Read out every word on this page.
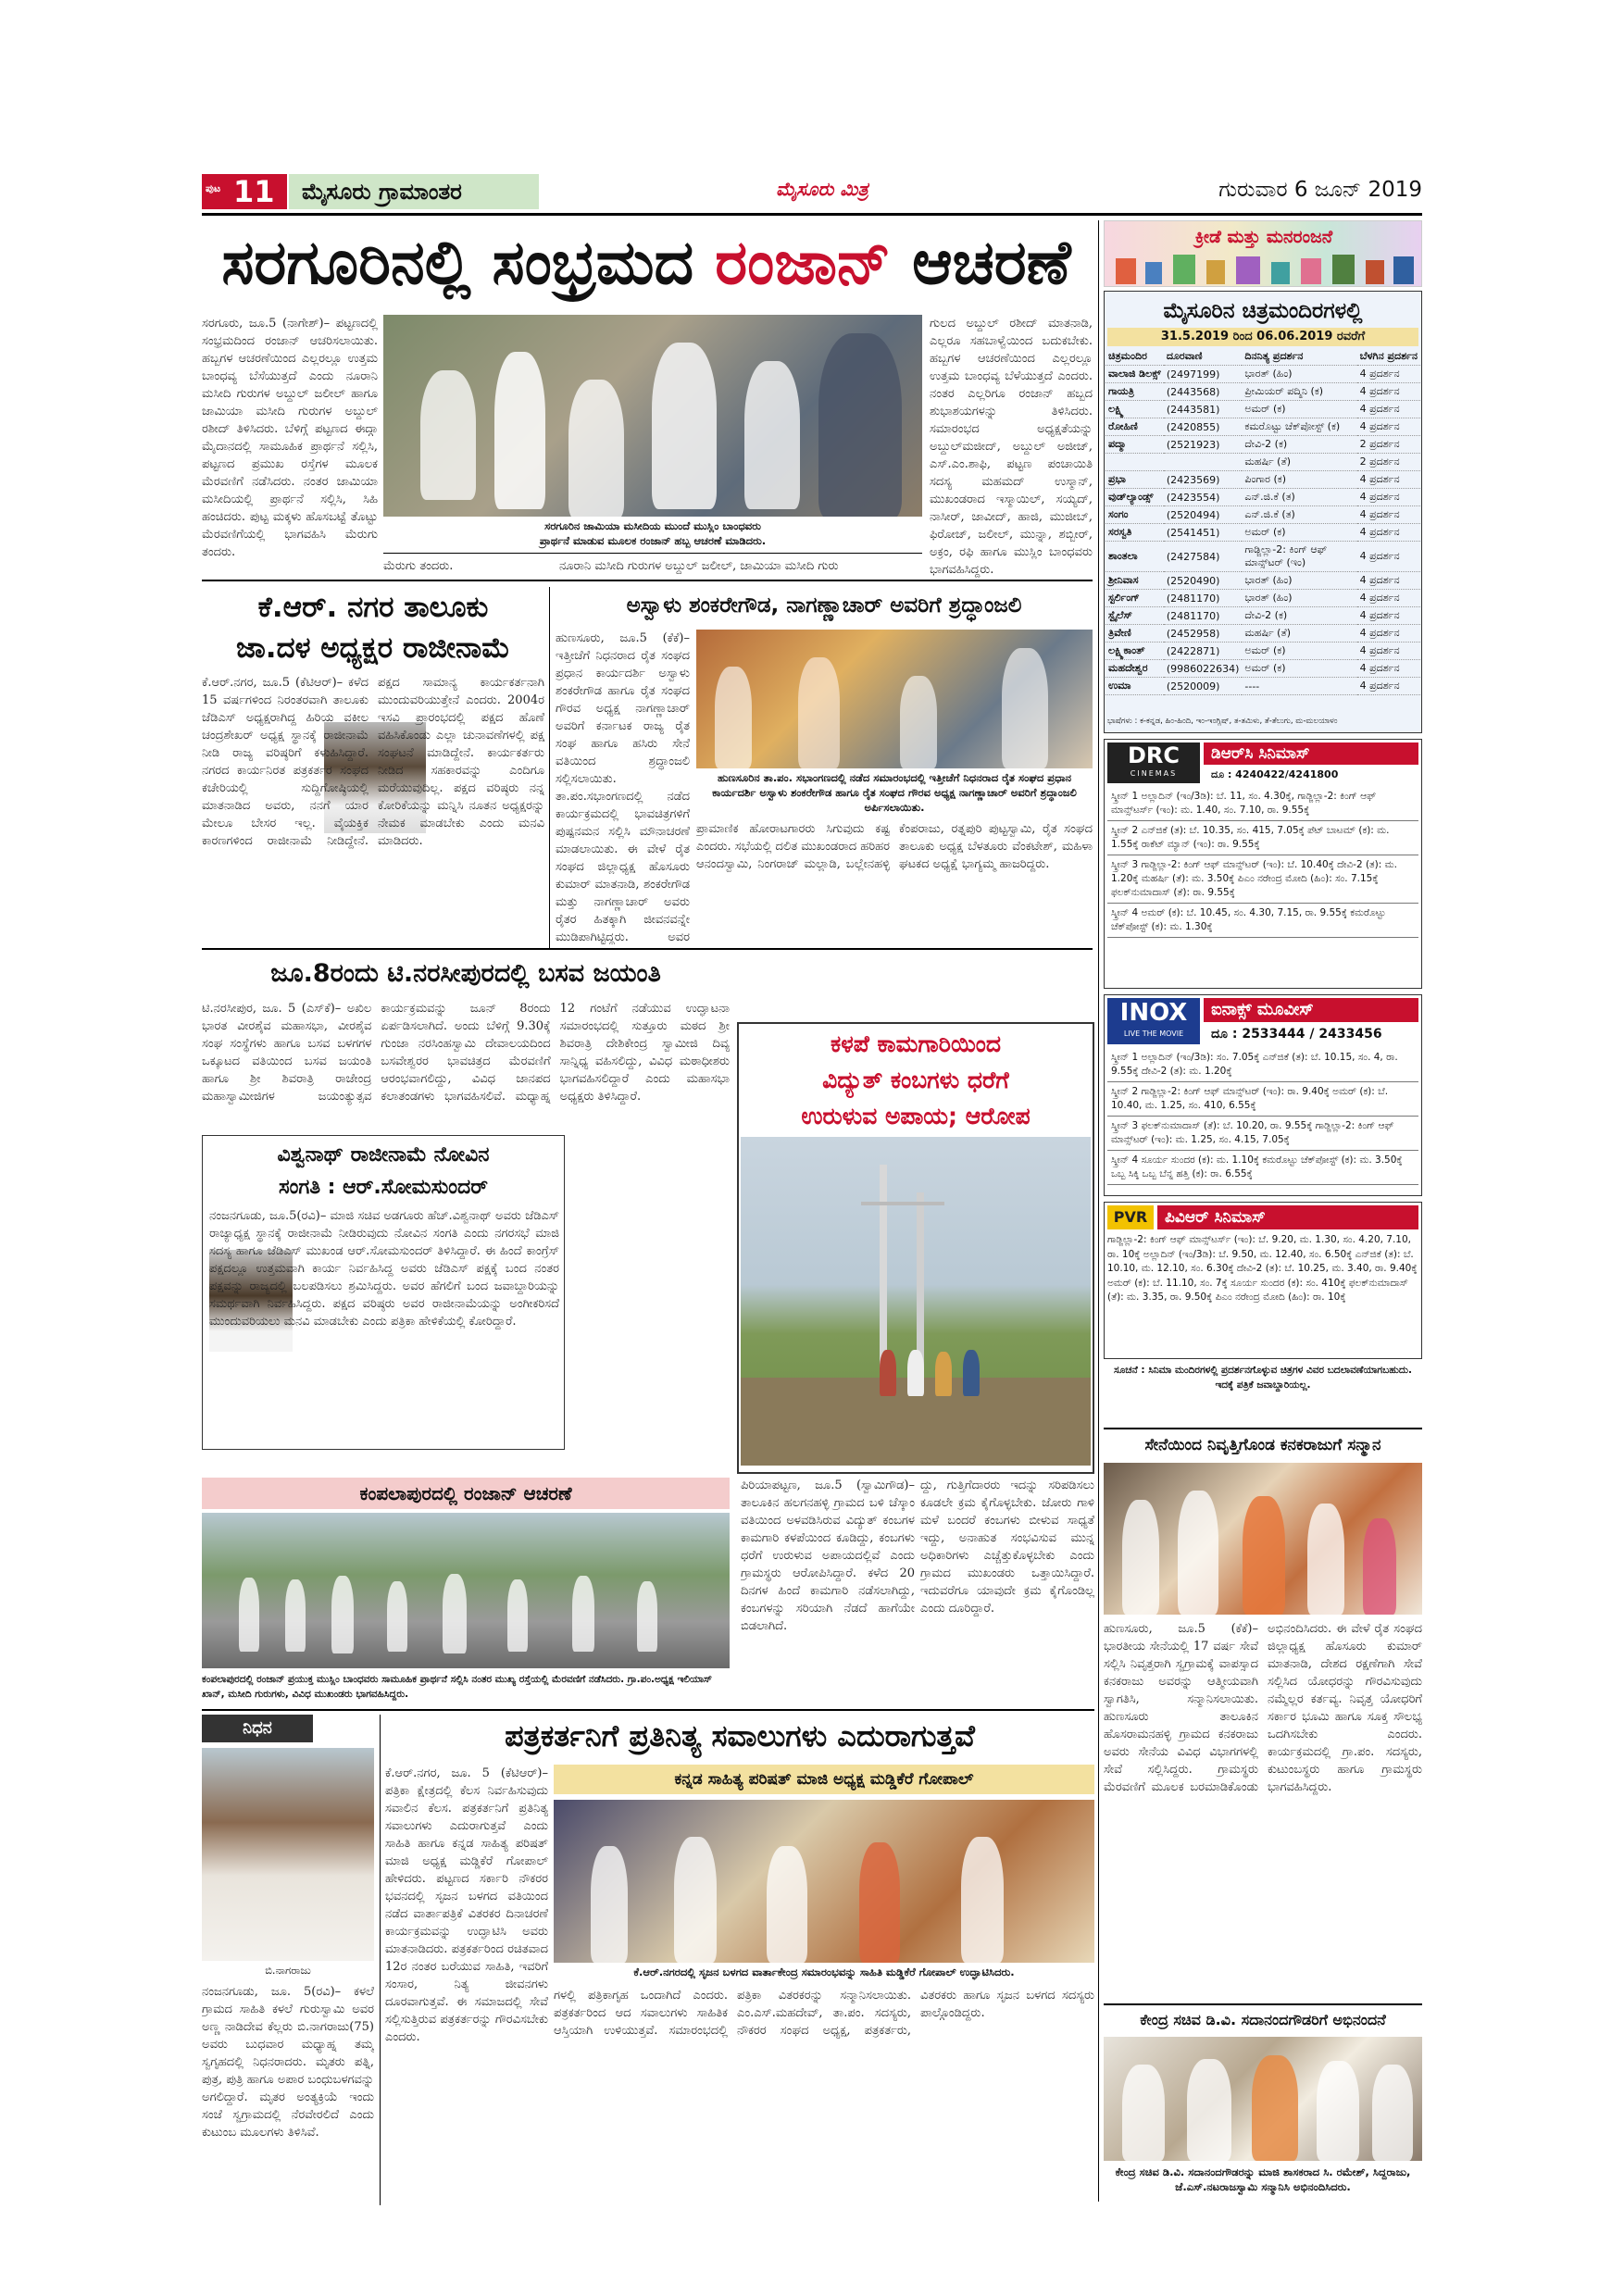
ಪುಟ 11	ಮೈಸೂರು ಗ್ರಾಮಾಂತರ	ಮೈಸೂರು ಮಿತ್ರ	ಗುರುವಾರ 6 ಜೂನ್ 2019
ಸರಗೂರಿನಲ್ಲಿ ಸಂಭ್ರಮದ ರಂಜಾನ್ ಆಚರಣೆ
ಸರಗೂರು, ಜೂ.5 (ನಾಗೇಶ್)– ಪಟ್ಟಣದಲ್ಲಿ ಸಂಭ್ರಮದಿಂದ ರಂಜಾನ್ ಆಚರಿಸಲಾಯಿತು. ಹಬ್ಬಗಳ ಆಚರಣೆಯಿಂದ ಎಲ್ಲರಲ್ಲೂ ಉತ್ತಮ ಬಾಂಧವ್ಯ ಬೆಸೆಯುತ್ತದೆ ಎಂದು ನೂರಾನಿ ಮಸೀದಿ ಗುರುಗಳ ಅಬ್ದುಲ್ ಜಲೀಲ್ ಹಾಗೂ ಜಾಮಿಯಾ ಮಸೀದಿ ಗುರುಗಳ ಅಬ್ದುಲ್ ರಶೀದ್ ತಿಳಿಸಿದರು. ಬೆಳಿಗ್ಗೆ ಪಟ್ಟಣದ ಈದ್ಗಾ ಮೈದಾನದಲ್ಲಿ ಸಾಮೂಹಿಕ ಪ್ರಾರ್ಥನೆ ಸಲ್ಲಿಸಿ, ಪಟ್ಟಣದ ಪ್ರಮುಖ ರಸ್ತೆಗಳ ಮೂಲಕ ಮೆರವಣಿಗೆ ನಡೆಸಿದರು. ನಂತರ ಜಾಮಿಯಾ ಮಸೀದಿಯಲ್ಲಿ ಪ್ರಾರ್ಥನೆ ಸಲ್ಲಿಸಿ, ಸಿಹಿ ಹಂಚಿದರು. ಪುಟ್ಟ ಮಕ್ಕಳು ಹೊಸಬಟ್ಟೆ ತೊಟ್ಟು ಮೆರವಣಿಗೆಯಲ್ಲಿ ಭಾಗವಹಿಸಿ ಮೆರುಗು ತಂದರು.
ಸರಗೂರಿನ ಜಾಮಿಯಾ ಮಸೀದಿಯ ಮುಂದೆ ಮುಸ್ಲಿಂ ಬಾಂಧವರು
ಪ್ರಾರ್ಥನೆ ಮಾಡುವ ಮೂಲಕ ರಂಜಾನ್ ಹಬ್ಬ ಆಚರಣೆ ಮಾಡಿದರು.
ಮೆರುಗು ತಂದರು.	ನೂರಾನಿ ಮಸೀದಿ ಗುರುಗಳ ಅಬ್ದುಲ್ ಜಲೀಲ್, ಜಾಮಿಯಾ ಮಸೀದಿ ಗುರು
ಗುಲದ ಅಬ್ದುಲ್ ರಶೀದ್ ಮಾತನಾಡಿ, ಎಲ್ಲರೂ ಸಹಬಾಳ್ವೆಯಿಂದ ಬದುಕಬೇಕು. ಹಬ್ಬಗಳ ಆಚರಣೆಯಿಂದ ಎಲ್ಲರಲ್ಲೂ ಉತ್ತಮ ಬಾಂಧವ್ಯ ಬೆಳೆಯುತ್ತದೆ ಎಂದರು. ನಂತರ ಎಲ್ಲರಿಗೂ ರಂಜಾನ್ ಹಬ್ಬದ ಶುಭಾಶಯಗಳನ್ನು ತಿಳಿಸಿದರು. ಸಮಾರಂಭದ ಅಧ್ಯಕ್ಷತೆಯನ್ನು ಅಬ್ದುಲ್‌ಮಜೀದ್, ಅಬ್ದುಲ್ ಅಜೀಜ್, ಎಸ್.ಎಂ.ಶಾಫಿ, ಪಟ್ಟಣ ಪಂಚಾಯಿತಿ ಸದಸ್ಯ ಮಹಮದ್ ಉಸ್ಮಾನ್, ಮುಖಂಡರಾದ ಇಸ್ಮಾಯಿಲ್, ಸಯ್ಯದ್, ನಾಸೀರ್, ಜಾವೀದ್, ಹಾಜಿ, ಮುಜೀಬ್, ಫಿರೋಜ್, ಜಲೀಲ್, ಮುನ್ನಾ, ಶಬ್ಬೀರ್, ಅಕ್ರಂ, ರಫಿ ಹಾಗೂ ಮುಸ್ಲಿಂ ಬಾಂಧವರು ಭಾಗವಹಿಸಿದ್ದರು.
ಕೆ.ಆರ್. ನಗರ ತಾಲೂಕು
ಜಾ.ದಳ ಅಧ್ಯಕ್ಷರ ರಾಜೀನಾಮೆ
ಕೆ.ಆರ್.ನಗರ, ಜೂ.5 (ಕೆಟಿಆರ್)– ಕಳೆದ 15 ವರ್ಷಗಳಿಂದ ನಿರಂತರವಾಗಿ ತಾಲೂಕು ಜೆಡಿಎಸ್ ಅಧ್ಯಕ್ಷರಾಗಿದ್ದ ಹಿರಿಯ ವಕೀಲ ಚಂದ್ರಶೇಖರ್ ಅಧ್ಯಕ್ಷ ಸ್ಥಾನಕ್ಕೆ ರಾಜೀನಾಮೆ ನೀಡಿ ರಾಜ್ಯ ವರಿಷ್ಠರಿಗೆ ಕಳುಹಿಸಿದ್ದಾರೆ. ನಗರದ ಕಾರ್ಯನಿರತ ಪತ್ರಕರ್ತರ ಸಂಘದ ಕಚೇರಿಯಲ್ಲಿ ಸುದ್ದಿಗೋಷ್ಠಿಯಲ್ಲಿ ಮಾತನಾಡಿದ ಅವರು, ನನಗೆ ಯಾರ ಮೇಲೂ ಬೇಸರ ಇಲ್ಲ. ವೈಯಕ್ತಿಕ ಕಾರಣಗಳಿಂದ ರಾಜೀನಾಮೆ ನೀಡಿದ್ದೇನೆ. ಪಕ್ಷದ ಸಾಮಾನ್ಯ ಕಾರ್ಯಕರ್ತನಾಗಿ ಮುಂದುವರಿಯುತ್ತೇನೆ ಎಂದರು. 2004ರ ಇಸವಿ ಪ್ರಾರಂಭದಲ್ಲಿ ಪಕ್ಷದ ಹೊಣೆ ವಹಿಸಿಕೊಂಡು ಎಲ್ಲಾ ಚುನಾವಣೆಗಳಲ್ಲಿ ಪಕ್ಷ ಸಂಘಟನೆ ಮಾಡಿದ್ದೇನೆ. ಕಾರ್ಯಕರ್ತರು ನೀಡಿದ ಸಹಕಾರವನ್ನು ಎಂದಿಗೂ ಮರೆಯುವುದಿಲ್ಲ. ಪಕ್ಷದ ವರಿಷ್ಠರು ನನ್ನ ಕೋರಿಕೆಯನ್ನು ಮನ್ನಿಸಿ ನೂತನ ಅಧ್ಯಕ್ಷರನ್ನು ನೇಮಕ ಮಾಡಬೇಕು ಎಂದು ಮನವಿ ಮಾಡಿದರು.
ಅಸ್ವಾಳು ಶಂಕರೇಗೌಡ, ನಾಗಣ್ಣಾಚಾರ್ ಅವರಿಗೆ ಶ್ರದ್ಧಾಂಜಲಿ
ಹುಣಸೂರು, ಜೂ.5 (ಕೆಕೆ)– ಇತ್ತೀಚೆಗೆ ನಿಧನರಾದ ರೈತ ಸಂಘದ ಪ್ರಧಾನ ಕಾರ್ಯದರ್ಶಿ ಅಸ್ವಾಳು ಶಂಕರೇಗೌಡ ಹಾಗೂ ರೈತ ಸಂಘದ ಗೌರವ ಅಧ್ಯಕ್ಷ ನಾಗಣ್ಣಾಚಾರ್ ಅವರಿಗೆ ಕರ್ನಾಟಕ ರಾಜ್ಯ ರೈತ ಸಂಘ ಹಾಗೂ ಹಸಿರು ಸೇನೆ ವತಿಯಿಂದ ಶ್ರದ್ಧಾಂಜಲಿ ಸಲ್ಲಿಸಲಾಯಿತು. ತಾ.ಪಂ.ಸಭಾಂಗಣದಲ್ಲಿ ನಡೆದ ಕಾರ್ಯಕ್ರಮದಲ್ಲಿ ಭಾವಚಿತ್ರಗಳಿಗೆ ಪುಷ್ಪನಮನ ಸಲ್ಲಿಸಿ ಮೌನಾಚರಣೆ ಮಾಡಲಾಯಿತು. ಈ ವೇಳೆ ರೈತ ಸಂಘದ ಜಿಲ್ಲಾಧ್ಯಕ್ಷ ಹೊಸೂರು ಕುಮಾರ್ ಮಾತನಾಡಿ, ಶಂಕರೇಗೌಡ ಮತ್ತು ನಾಗಣ್ಣಾಚಾರ್ ಅವರು ರೈತರ ಹಿತಕ್ಕಾಗಿ ಜೀವನವನ್ನೇ ಮುಡಿಪಾಗಿಟ್ಟಿದ್ದರು. ಅವರ
ಹುಣಸೂರಿನ ತಾ.ಪಂ. ಸಭಾಂಗಣದಲ್ಲಿ ನಡೆದ ಸಮಾರಂಭದಲ್ಲಿ ಇತ್ತೀಚೆಗೆ ನಿಧನರಾದ ರೈತ ಸಂಘದ ಪ್ರಧಾನ ಕಾರ್ಯದರ್ಶಿ ಅಸ್ವಾಳು ಶಂಕರೇಗೌಡ ಹಾಗೂ ರೈತ ಸಂಘದ ಗೌರವ ಅಧ್ಯಕ್ಷ ನಾಗಣ್ಣಾಚಾರ್ ಅವರಿಗೆ ಶ್ರದ್ಧಾಂಜಲಿ ಅರ್ಪಿಸಲಾಯಿತು.
ಪ್ರಾಮಾಣಿಕ ಹೋರಾಟಗಾರರು ಸಿಗುವುದು ಕಷ್ಟ ಎಂದರು. ಸಭೆಯಲ್ಲಿ ದಲಿತ ಮುಖಂಡರಾದ ಹರಿಹರ ಆನಂದಸ್ವಾಮಿ, ನಿಂಗರಾಜ್ ಮಲ್ಲಾಡಿ, ಬಲ್ಲೇನಹಳ್ಳಿ ಕೆಂಪರಾಜು, ರತ್ನಪುರಿ ಪುಟ್ಟಸ್ವಾಮಿ, ರೈತ ಸಂಘದ ತಾಲೂಕು ಅಧ್ಯಕ್ಷ ಬೆಳತೂರು ವೆಂಕಟೇಶ್, ಮಹಿಳಾ ಘಟಕದ ಅಧ್ಯಕ್ಷೆ ಭಾಗ್ಯಮ್ಮ ಹಾಜರಿದ್ದರು.
ಜೂ.8ರಂದು ಟಿ.ನರಸೀಪುರದಲ್ಲಿ ಬಸವ ಜಯಂತಿ
ಟಿ.ನರಸೀಪುರ, ಜೂ. 5 (ಎಸ್‌ಕೆ)– ಅಖಿಲ ಭಾರತ ವೀರಶೈವ ಮಹಾಸಭಾ, ವೀರಶೈವ ಸಂಘ ಸಂಸ್ಥೆಗಳು ಹಾಗೂ ಬಸವ ಬಳಗಗಳ ಒಕ್ಕೂಟದ ವತಿಯಿಂದ ಬಸವ ಜಯಂತಿ ಹಾಗೂ ಶ್ರೀ ಶಿವರಾತ್ರಿ ರಾಜೇಂದ್ರ ಮಹಾಸ್ವಾಮೀಜಿಗಳ ಜಯಂತ್ಯುತ್ಸವ ಕಾರ್ಯಕ್ರಮವನ್ನು ಜೂನ್ 8ರಂದು ಏರ್ಪಡಿಸಲಾಗಿದೆ. ಅಂದು ಬೆಳಿಗ್ಗೆ 9.30ಕ್ಕೆ ಗುಂಜಾ ನರಸಿಂಹಸ್ವಾಮಿ ದೇವಾಲಯದಿಂದ ಬಸವೇಶ್ವರರ ಭಾವಚಿತ್ರದ ಮೆರವಣಿಗೆ ಆರಂಭವಾಗಲಿದ್ದು, ವಿವಿಧ ಜಾನಪದ ಕಲಾತಂಡಗಳು ಭಾಗವಹಿಸಲಿವೆ. ಮಧ್ಯಾಹ್ನ 12 ಗಂಟೆಗೆ ನಡೆಯುವ ಉದ್ಘಾಟನಾ ಸಮಾರಂಭದಲ್ಲಿ ಸುತ್ತೂರು ಮಠದ ಶ್ರೀ ಶಿವರಾತ್ರಿ ದೇಶಿಕೇಂದ್ರ ಸ್ವಾಮೀಜಿ ದಿವ್ಯ ಸಾನ್ನಿಧ್ಯ ವಹಿಸಲಿದ್ದು, ವಿವಿಧ ಮಠಾಧೀಶರು ಭಾಗವಹಿಸಲಿದ್ದಾರೆ ಎಂದು ಮಹಾಸಭಾ ಅಧ್ಯಕ್ಷರು ತಿಳಿಸಿದ್ದಾರೆ.
ವಿಶ್ವನಾಥ್ ರಾಜೀನಾಮೆ ನೋವಿನ
ಸಂಗತಿ : ಆರ್.ಸೋಮಸುಂದರ್
ನಂಜನಗೂಡು, ಜೂ.5(ರವಿ)– ಮಾಜಿ ಸಚಿವ ಅಡಗೂರು ಹೆಚ್.ವಿಶ್ವನಾಥ್ ಅವರು ಜೆಡಿಎಸ್ ರಾಜ್ಯಾಧ್ಯಕ್ಷ ಸ್ಥಾನಕ್ಕೆ ರಾಜೀನಾಮೆ ನೀಡಿರುವುದು ನೋವಿನ ಸಂಗತಿ ಎಂದು ನಗರಸಭೆ ಮಾಜಿ ಸದಸ್ಯ ಹಾಗೂ ಜೆಡಿಎಸ್ ಮುಖಂಡ ಆರ್.ಸೋಮಸುಂದರ್ ತಿಳಿಸಿದ್ದಾರೆ. ಈ ಹಿಂದೆ ಕಾಂಗ್ರೆಸ್ ಪಕ್ಷದಲ್ಲೂ ಉತ್ತಮವಾಗಿ ಕಾರ್ಯ ನಿರ್ವಹಿಸಿದ್ದ ಅವರು ಜೆಡಿಎಸ್ ಪಕ್ಷಕ್ಕೆ ಬಂದ ನಂತರ ಪಕ್ಷವನ್ನು ರಾಜ್ಯದಲ್ಲಿ ಬಲಪಡಿಸಲು ಶ್ರಮಿಸಿದ್ದರು. ಅವರ ಹೆಗಲಿಗೆ ಬಂದ ಜವಾಬ್ದಾರಿಯನ್ನು ಸಮರ್ಥವಾಗಿ ನಿರ್ವಹಿಸಿದ್ದರು. ಪಕ್ಷದ ವರಿಷ್ಠರು ಅವರ ರಾಜೀನಾಮೆಯನ್ನು ಅಂಗೀಕರಿಸದೆ ಮುಂದುವರಿಯಲು ಮನವಿ ಮಾಡಬೇಕು ಎಂದು ಪತ್ರಿಕಾ ಹೇಳಿಕೆಯಲ್ಲಿ ಕೋರಿದ್ದಾರೆ.
ಕಳಪೆ ಕಾಮಗಾರಿಯಿಂದ
ವಿದ್ಯುತ್ ಕಂಬಗಳು ಧರೆಗೆ
ಉರುಳುವ ಅಪಾಯ; ಆರೋಪ
ಪಿರಿಯಾಪಟ್ಟಣ, ಜೂ.5 (ಸ್ವಾಮಿಗೌಡ)– ತಾಲೂಕಿನ ಹಲಗನಹಳ್ಳಿ ಗ್ರಾಮದ ಬಳಿ ಚೆಸ್ಕಾಂ ವತಿಯಿಂದ ಅಳವಡಿಸಿರುವ ವಿದ್ಯುತ್ ಕಂಬಗಳ ಕಾಮಗಾರಿ ಕಳಪೆಯಿಂದ ಕೂಡಿದ್ದು, ಕಂಬಗಳು ಧರೆಗೆ ಉರುಳುವ ಅಪಾಯದಲ್ಲಿವೆ ಎಂದು ಗ್ರಾಮಸ್ಥರು ಆರೋಪಿಸಿದ್ದಾರೆ. ಕಳೆದ 20 ದಿನಗಳ ಹಿಂದೆ ಕಾಮಗಾರಿ ನಡೆಸಲಾಗಿದ್ದು, ಕಂಬಗಳನ್ನು ಸರಿಯಾಗಿ ನೆಡದೆ ಹಾಗೆಯೇ ಬಿಡಲಾಗಿದೆ.
ದ್ದು, ಗುತ್ತಿಗೆದಾರರು ಇದನ್ನು ಸರಿಪಡಿಸಲು ಕೂಡಲೇ ಕ್ರಮ ಕೈಗೊಳ್ಳಬೇಕು. ಜೋರು ಗಾಳಿ ಮಳೆ ಬಂದರೆ ಕಂಬಗಳು ಬೀಳುವ ಸಾಧ್ಯತೆ ಇದ್ದು, ಅನಾಹುತ ಸಂಭವಿಸುವ ಮುನ್ನ ಅಧಿಕಾರಿಗಳು ಎಚ್ಚೆತ್ತುಕೊಳ್ಳಬೇಕು ಎಂದು ಗ್ರಾಮದ ಮುಖಂಡರು ಒತ್ತಾಯಿಸಿದ್ದಾರೆ. ಇದುವರೆಗೂ ಯಾವುದೇ ಕ್ರಮ ಕೈಗೊಂಡಿಲ್ಲ ಎಂದು ದೂರಿದ್ದಾರೆ.
ಕಂಪಲಾಪುರದಲ್ಲಿ ರಂಜಾನ್ ಆಚರಣೆ
ಕಂಪಲಾಪುರದಲ್ಲಿ ರಂಜಾನ್ ಪ್ರಯುಕ್ತ ಮುಸ್ಲಿಂ ಬಾಂಧವರು ಸಾಮೂಹಿಕ ಪ್ರಾರ್ಥನೆ ಸಲ್ಲಿಸಿ ನಂತರ ಮುಖ್ಯ ರಸ್ತೆಯಲ್ಲಿ ಮೆರವಣಿಗೆ ನಡೆಸಿದರು. ಗ್ರಾ.ಪಂ.ಅಧ್ಯಕ್ಷ ಇಲಿಯಾಸ್ ಖಾನ್, ಮಸೀದಿ ಗುರುಗಳು, ವಿವಿಧ ಮುಖಂಡರು ಭಾಗವಹಿಸಿದ್ದರು.
ನಿಧನ
ಬಿ.ನಾಗರಾಜು
ನಂಜನಗೂಡು, ಜೂ. 5(ರವಿ)– ಕಳಲೆ ಗ್ರಾಮದ ಸಾಹಿತಿ ಕಳಲೆ ಗುರುಸ್ವಾಮಿ ಅವರ ಅಣ್ಣ ನಾಡಿದೇವ ಕೆಲ್ಲರು ಬಿ.ನಾಗರಾಜು(75) ಅವರು ಬುಧವಾರ ಮಧ್ಯಾಹ್ನ ತಮ್ಮ ಸ್ವಗೃಹದಲ್ಲಿ ನಿಧನರಾದರು. ಮೃತರು ಪತ್ನಿ, ಪುತ್ರ, ಪುತ್ರಿ ಹಾಗೂ ಅಪಾರ ಬಂಧುಬಳಗವನ್ನು ಅಗಲಿದ್ದಾರೆ. ಮೃತರ ಅಂತ್ಯಕ್ರಿಯೆ ಇಂದು ಸಂಜೆ ಸ್ವಗ್ರಾಮದಲ್ಲಿ ನೆರವೇರಲಿದೆ ಎಂದು ಕುಟುಂಬ ಮೂಲಗಳು ತಿಳಿಸಿವೆ.
ಪತ್ರಕರ್ತನಿಗೆ ಪ್ರತಿನಿತ್ಯ ಸವಾಲುಗಳು ಎದುರಾಗುತ್ತವೆ
ಕೆ.ಆರ್.ನಗರ, ಜೂ. 5 (ಕೆಟಿಆರ್)– ಪತ್ರಿಕಾ ಕ್ಷೇತ್ರದಲ್ಲಿ ಕೆಲಸ ನಿರ್ವಹಿಸುವುದು ಸವಾಲಿನ ಕೆಲಸ. ಪತ್ರಕರ್ತನಿಗೆ ಪ್ರತಿನಿತ್ಯ ಸವಾಲುಗಳು ಎದುರಾಗುತ್ತವೆ ಎಂದು ಸಾಹಿತಿ ಹಾಗೂ ಕನ್ನಡ ಸಾಹಿತ್ಯ ಪರಿಷತ್ ಮಾಜಿ ಅಧ್ಯಕ್ಷ ಮಡ್ಡಿಕೆರೆ ಗೋಪಾಲ್ ಹೇಳಿದರು. ಪಟ್ಟಣದ ಸರ್ಕಾರಿ ನೌಕರರ ಭವನದಲ್ಲಿ ಸೃಜನ ಬಳಗದ ವತಿಯಿಂದ ನಡೆದ ವಾರ್ತಾಪತ್ರಿಕೆ ವಿತರಕರ ದಿನಾಚರಣೆ ಕಾರ್ಯಕ್ರಮವನ್ನು ಉದ್ಘಾಟಿಸಿ ಅವರು ಮಾತನಾಡಿದರು. ಪತ್ರಕರ್ತರಿಂದ ರಚಿತವಾದ 12ರ ನಂತರ ಬರೆಯುವ ಸಾಹಿತಿ, ಇವರಿಗೆ ಸಂಸಾರ, ನಿತ್ಯ ಜೀವನಗಳು ದೂರವಾಗುತ್ತವೆ. ಈ ಸಮಾಜದಲ್ಲಿ ಸೇವೆ ಸಲ್ಲಿಸುತ್ತಿರುವ ಪತ್ರಕರ್ತರನ್ನು ಗೌರವಿಸಬೇಕು ಎಂದರು.
ಕನ್ನಡ ಸಾಹಿತ್ಯ ಪರಿಷತ್ ಮಾಜಿ ಅಧ್ಯಕ್ಷ ಮಡ್ಡಿಕೆರೆ ಗೋಪಾಲ್
ಕೆ.ಆರ್.ನಗರದಲ್ಲಿ ಸೃಜನ ಬಳಗದ ವಾರ್ತಾಕೇಂದ್ರ ಸಮಾರಂಭವನ್ನು ಸಾಹಿತಿ ಮಡ್ಡಿಕೆರೆ ಗೋಪಾಲ್ ಉದ್ಘಾಟಿಸಿದರು.
ಗಳಲ್ಲಿ ಪತ್ರಿಕಾಗೃಹ ಒಂದಾಗಿದೆ ಎಂದರು. ಪತ್ರಕರ್ತರಿಂದ ಆದ ಸವಾಲುಗಳು ಸಾಹಿತಿಕ ಆಸ್ತಿಯಾಗಿ ಉಳಿಯುತ್ತವೆ. ಸಮಾರಂಭದಲ್ಲಿ ಪತ್ರಿಕಾ ವಿತರಕರನ್ನು ಸನ್ಮಾನಿಸಲಾಯಿತು. ಎಂ.ಎಸ್.ಮಹದೇವ್, ತಾ.ಪಂ. ಸದಸ್ಯರು, ನೌಕರರ ಸಂಘದ ಅಧ್ಯಕ್ಷ, ಪತ್ರಕರ್ತರು, ವಿತರಕರು ಹಾಗೂ ಸೃಜನ ಬಳಗದ ಸದಸ್ಯರು ಪಾಲ್ಗೊಂಡಿದ್ದರು.
ಕ್ರೀಡೆ ಮತ್ತು ಮನರಂಜನೆ
ಮೈಸೂರಿನ ಚಿತ್ರಮಂದಿರಗಳಲ್ಲಿ
31.5.2019 ರಿಂದ 06.06.2019 ರವರೆಗೆ
ಚಿತ್ರಮಂದಿರ	ದೂರವಾಣಿ	ದಿನನಿತ್ಯ ಪ್ರದರ್ಶನ	ಬೆಳಗಿನ ಪ್ರದರ್ಶನ
ವಾಲಾಜಿ ಡಿಲಕ್ಸ್	(2497199)	ಭಾರತ್ (ಹಿಂ)	4 ಪ್ರದರ್ಶನ
ಗಾಯತ್ರಿ	(2443568)	ಪ್ರೀಮಿಯರ್ ಪದ್ಮಿನಿ (ಕ)	4 ಪ್ರದರ್ಶನ
ಲಕ್ಷ್ಮಿ	(2443581)	ಅಮರ್ (ಕ)	4 ಪ್ರದರ್ಶನ
ರೋಹಿಣಿ	(2420855)	ಕಮರೊಟ್ಟು ಚೆಕ್‌ಪೋಸ್ಟ್ (ಕ)	4 ಪ್ರದರ್ಶನ
ಪದ್ಮಾ	(2521923)	ದೇವಿ-2 (ಕ)	2 ಪ್ರದರ್ಶನ
		ಮಹರ್ಷಿ (ತೆ)	2 ಪ್ರದರ್ಶನ
ಪ್ರಭಾ	(2423569)	ಪಿಂಗಾರ (ಕ)	4 ಪ್ರದರ್ಶನ
ವುಡ್‌ಲ್ಯಾಂಡ್ಸ್	(2423554)	ಎನ್.ಜಿ.ಕೆ (ತ)	4 ಪ್ರದರ್ಶನ
ಸಂಗಂ	(2520494)	ಎನ್.ಜಿ.ಕೆ (ತ)	4 ಪ್ರದರ್ಶನ
ಸರಸ್ವತಿ	(2541451)	ಅಮರ್ (ಕ)	4 ಪ್ರದರ್ಶನ
ಶಾಂತಲಾ	(2427584)	ಗಾಡ್ಜಿಲ್ಲಾ-2: ಕಿಂಗ್ ಆಫ್ ಮಾನ್ಸ್‌ಟರ್ (ಇಂ)	4 ಪ್ರದರ್ಶನ
ಶ್ರೀನಿವಾಸ	(2520490)	ಭಾರತ್ (ಹಿಂ)	4 ಪ್ರದರ್ಶನ
ಸ್ಟರ್ಲಿಂಗ್	(2481170)	ಭಾರತ್ (ಹಿಂ)	4 ಪ್ರದರ್ಶನ
ಸ್ಟೈಲೆಸ್	(2481170)	ದೇವಿ-2 (ಕ)	4 ಪ್ರದರ್ಶನ
ತ್ರಿವೇಣಿ	(2452958)	ಮಹರ್ಷಿ (ತೆ)	4 ಪ್ರದರ್ಶನ
ಲಕ್ಷ್ಮಿಕಾಂತ್	(2422871)	ಅಮರ್ (ಕ)	4 ಪ್ರದರ್ಶನ
ಮಹದೇಶ್ವರ	(9986022634)	ಅಮರ್ (ಕ)	4 ಪ್ರದರ್ಶನ
ಉಮಾ	(2520009)	----	4 ಪ್ರದರ್ಶನ
ಭಾಷೆಗಳು : ಕ-ಕನ್ನಡ, ಹಿಂ-ಹಿಂದಿ, ಇಂ-ಇಂಗ್ಲಿಷ್, ತ-ತಮಿಳು, ತೆ-ತೆಲುಗು, ಮ-ಮಲಯಾಳಂ
DRC
CINEMAS
ಡಿಆರ್‌ಸಿ ಸಿನಿಮಾಸ್
ದೂ : 4240422/4241800
ಸ್ಕ್ರೀನ್ 1 ಅಲ್ಲಾದಿನ್ (ಇಂ/3ಡಿ): ಬೆ. 11, ಸಂ. 4.30ಕ್ಕೆ, ಗಾಡ್ಜಿಲ್ಲಾ-2: ಕಿಂಗ್ ಆಫ್ ಮಾನ್ಸ್‌ಟರ್ಸ್ (ಇಂ): ಮ. 1.40, ಸಂ. 7.10, ರಾ. 9.55ಕ್ಕೆ
ಸ್ಕ್ರೀನ್ 2 ಎನ್‌ಜಿಕೆ (ತ): ಬೆ. 10.35, ಸಂ. 415, 7.05ಕ್ಕೆ ಪೆಟ್ ಬಾಟಮ್ (ಕ): ಮ. 1.55ಕ್ಕೆ ರಾಕೆಟ್ ಮ್ಯಾನ್ (ಇಂ): ರಾ. 9.55ಕ್ಕೆ
ಸ್ಕ್ರೀನ್ 3 ಗಾಡ್ಜಿಲ್ಲಾ-2: ಕಿಂಗ್ ಆಫ್ ಮಾನ್ಸ್‌ಟರ್ (ಇಂ): ಬೆ. 10.40ಕ್ಕೆ ದೇವಿ-2 (ತ): ಮ. 1.20ಕ್ಕೆ ಮಹರ್ಷಿ (ತೆ): ಮ. 3.50ಕ್ಕೆ ಪಿಎಂ ನರೇಂದ್ರ ಮೋದಿ (ಹಿಂ): ಸಂ. 7.15ಕ್ಕೆ ಫಲಕ್‌ನುಮಾದಾಸ್ (ತೆ): ರಾ. 9.55ಕ್ಕೆ
ಸ್ಕ್ರೀನ್ 4 ಅಮರ್ (ಕ): ಬೆ. 10.45, ಸಂ. 4.30, 7.15, ರಾ. 9.55ಕ್ಕೆ ಕಮರೊಟ್ಟು ಚೆಕ್‌ಪೋಸ್ಟ್ (ಕ): ಮ. 1.30ಕ್ಕೆ
INOX
LIVE THE MOVIE
ಐನಾಕ್ಸ್ ಮೂವೀಸ್
ದೂ : 2533444 / 2433456
ಸ್ಕ್ರೀನ್ 1 ಅಲ್ಲಾದಿನ್ (ಇಂ/3ಡಿ): ಸಂ. 7.05ಕ್ಕೆ ಎನ್‌ಜಿಕೆ (ತ): ಬೆ. 10.15, ಸಂ. 4, ರಾ. 9.55ಕ್ಕೆ ದೇವಿ-2 (ತ): ಮ. 1.20ಕ್ಕೆ
ಸ್ಕ್ರೀನ್ 2 ಗಾಡ್ಜಿಲ್ಲಾ-2: ಕಿಂಗ್ ಆಫ್ ಮಾನ್ಸ್‌ಟರ್ (ಇಂ): ರಾ. 9.40ಕ್ಕೆ ಅಮರ್ (ಕ): ಬೆ. 10.40, ಮ. 1.25, ಸಂ. 410, 6.55ಕ್ಕೆ
ಸ್ಕ್ರೀನ್ 3 ಫಲಕ್‌ನುಮಾದಾಸ್ (ತೆ): ಬೆ. 10.20, ರಾ. 9.55ಕ್ಕೆ ಗಾಡ್ಜಿಲ್ಲಾ-2: ಕಿಂಗ್ ಆಫ್ ಮಾನ್ಸ್‌ಟರ್ (ಇಂ): ಮ. 1.25, ಸಂ. 4.15, 7.05ಕ್ಕೆ
ಸ್ಕ್ರೀನ್ 4 ಸೂರ್ಯ ಸುಂದರ (ಕ): ಮ. 1.10ಕ್ಕೆ ಕಮರೊಟ್ಟು ಚೆಕ್‌ಪೋಸ್ಟ್ (ಕ): ಮ. 3.50ಕ್ಕೆ ಒಬ್ಬ ಸಿಕ್ಕಿ ಒಬ್ಬ ಬೆನ್ನ ಹತ್ತಿ (ಕ): ರಾ. 6.55ಕ್ಕೆ
PVR	ಪಿವಿಆರ್ ಸಿನಿಮಾಸ್
ಗಾಡ್ಜಿಲ್ಲಾ-2: ಕಿಂಗ್ ಆಫ್ ಮಾನ್ಸ್‌ಟರ್ಸ್ (ಇಂ): ಬೆ. 9.20, ಮ. 1.30, ಸಂ. 4.20, 7.10, ರಾ. 10ಕ್ಕೆ ಅಲ್ಲಾದಿನ್ (ಇಂ/3ಡಿ): ಬೆ. 9.50, ಮ. 12.40, ಸಂ. 6.50ಕ್ಕೆ ಎನ್‌ಜಿಕೆ (ತ): ಬೆ. 10.10, ಮ. 12.10, ಸಂ. 6.30ಕ್ಕೆ ದೇವಿ-2 (ತ): ಬೆ. 10.25, ಮ. 3.40, ರಾ. 9.40ಕ್ಕೆ ಅಮರ್ (ಕ): ಬೆ. 11.10, ಸಂ. 7ಕ್ಕೆ ಸೂರ್ಯ ಸುಂದರ (ಕ): ಸಂ. 410ಕ್ಕೆ ಫಲಕ್‌ನುಮಾದಾಸ್ (ತೆ): ಮ. 3.35, ರಾ. 9.50ಕ್ಕೆ ಪಿಎಂ ನರೇಂದ್ರ ಮೋದಿ (ಹಿಂ): ರಾ. 10ಕ್ಕೆ
ಸೂಚನೆ : ಸಿನಿಮಾ ಮಂದಿರಗಳಲ್ಲಿ ಪ್ರದರ್ಶನಗೊಳ್ಳುವ ಚಿತ್ರಗಳ ವಿವರ ಬದಲಾವಣೆಯಾಗಬಹುದು. ಇದಕ್ಕೆ ಪತ್ರಿಕೆ ಜವಾಬ್ದಾರಿಯಲ್ಲ.
ಸೇನೆಯಿಂದ ನಿವೃತ್ತಿಗೊಂಡ ಕನಕರಾಜುಗೆ ಸನ್ಮಾನ
ಹುಣಸೂರು, ಜೂ.5 (ಕೆಕೆ)– ಭಾರತೀಯ ಸೇನೆಯಲ್ಲಿ 17 ವರ್ಷ ಸೇವೆ ಸಲ್ಲಿಸಿ ನಿವೃತ್ತರಾಗಿ ಸ್ವಗ್ರಾಮಕ್ಕೆ ವಾಪಸ್ಸಾದ ಕನಕರಾಜು ಅವರನ್ನು ಆತ್ಮೀಯವಾಗಿ ಸ್ವಾಗತಿಸಿ, ಸನ್ಮಾನಿಸಲಾಯಿತು. ಹುಣಸೂರು ತಾಲೂಕಿನ ಹೊಸರಾಮನಹಳ್ಳಿ ಗ್ರಾಮದ ಕನಕರಾಜು ಅವರು ಸೇನೆಯ ವಿವಿಧ ವಿಭಾಗಗಳಲ್ಲಿ ಸೇವೆ ಸಲ್ಲಿಸಿದ್ದರು. ಗ್ರಾಮಸ್ಥರು ಮೆರವಣಿಗೆ ಮೂಲಕ ಬರಮಾಡಿಕೊಂಡು ಅಭಿನಂದಿಸಿದರು. ಈ ವೇಳೆ ರೈತ ಸಂಘದ ಜಿಲ್ಲಾಧ್ಯಕ್ಷ ಹೊಸೂರು ಕುಮಾರ್ ಮಾತನಾಡಿ, ದೇಶದ ರಕ್ಷಣೆಗಾಗಿ ಸೇವೆ ಸಲ್ಲಿಸಿದ ಯೋಧರನ್ನು ಗೌರವಿಸುವುದು ನಮ್ಮೆಲ್ಲರ ಕರ್ತವ್ಯ. ನಿವೃತ್ತ ಯೋಧರಿಗೆ ಸರ್ಕಾರ ಭೂಮಿ ಹಾಗೂ ಸೂಕ್ತ ಸೌಲಭ್ಯ ಒದಗಿಸಬೇಕು ಎಂದರು. ಕಾರ್ಯಕ್ರಮದಲ್ಲಿ ಗ್ರಾ.ಪಂ. ಸದಸ್ಯರು, ಕುಟುಂಬಸ್ಥರು ಹಾಗೂ ಗ್ರಾಮಸ್ಥರು ಭಾಗವಹಿಸಿದ್ದರು.
ಕೇಂದ್ರ ಸಚಿವ ಡಿ.ವಿ. ಸದಾನಂದಗೌಡರಿಗೆ ಅಭಿನಂದನೆ
ಕೇಂದ್ರ ಸಚಿವ ಡಿ.ವಿ. ಸದಾನಂದಗೌಡರನ್ನು ಮಾಜಿ ಶಾಸಕರಾದ ಸಿ. ರಮೇಶ್, ಸಿದ್ದರಾಜು, ಜೆ.ಎಸ್.ನಟರಾಜಸ್ವಾಮಿ ಸನ್ಮಾನಿಸಿ ಅಭಿನಂದಿಸಿದರು.
